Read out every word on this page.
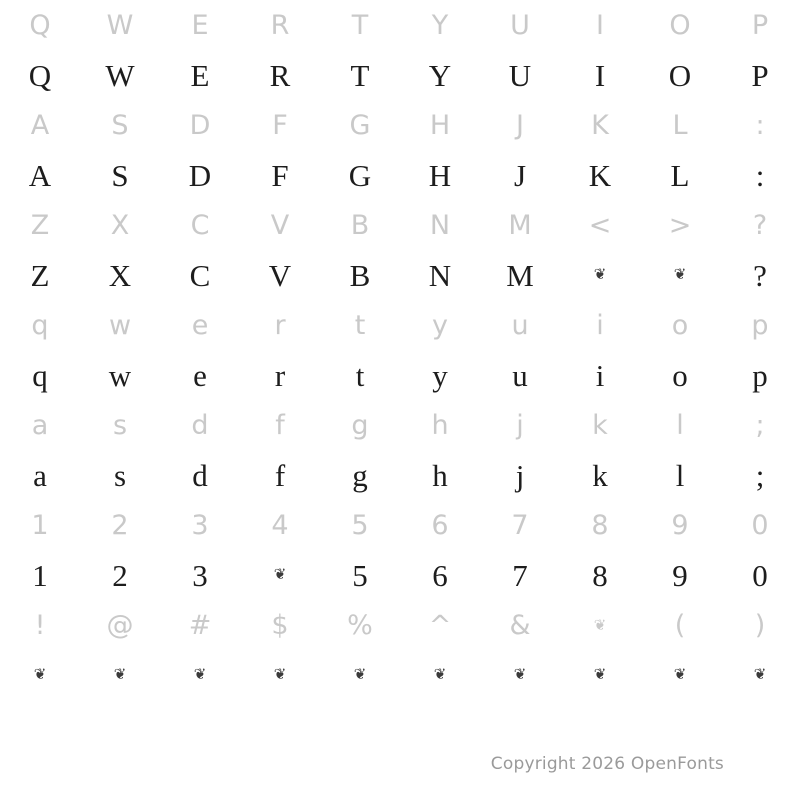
Q	W	E	R	T	Y	U	I	O	P
Q	W	E	R	T	Y	U	I	O	P
A	S	D	F	G	H	J	K	L	:
A	S	D	F	G	H	J	K	L	:
Z	X	C	V	B	N	M	<	>	?
Z	X	C	V	B	N	M	❦	❦	?
q	w	e	r	t	y	u	i	o	p
q	w	e	r	t	y	u	i	o	p
a	s	d	f	g	h	j	k	l	;
a	s	d	f	g	h	j	k	l	;
1	2	3	4	5	6	7	8	9	0
1	2	3	❦	5	6	7	8	9	0
!	@	#	$	%	^	&	❦	(	)
❦	❦	❦	❦	❦	❦	❦	❦	❦	❦
Copyright 2026 OpenFonts
